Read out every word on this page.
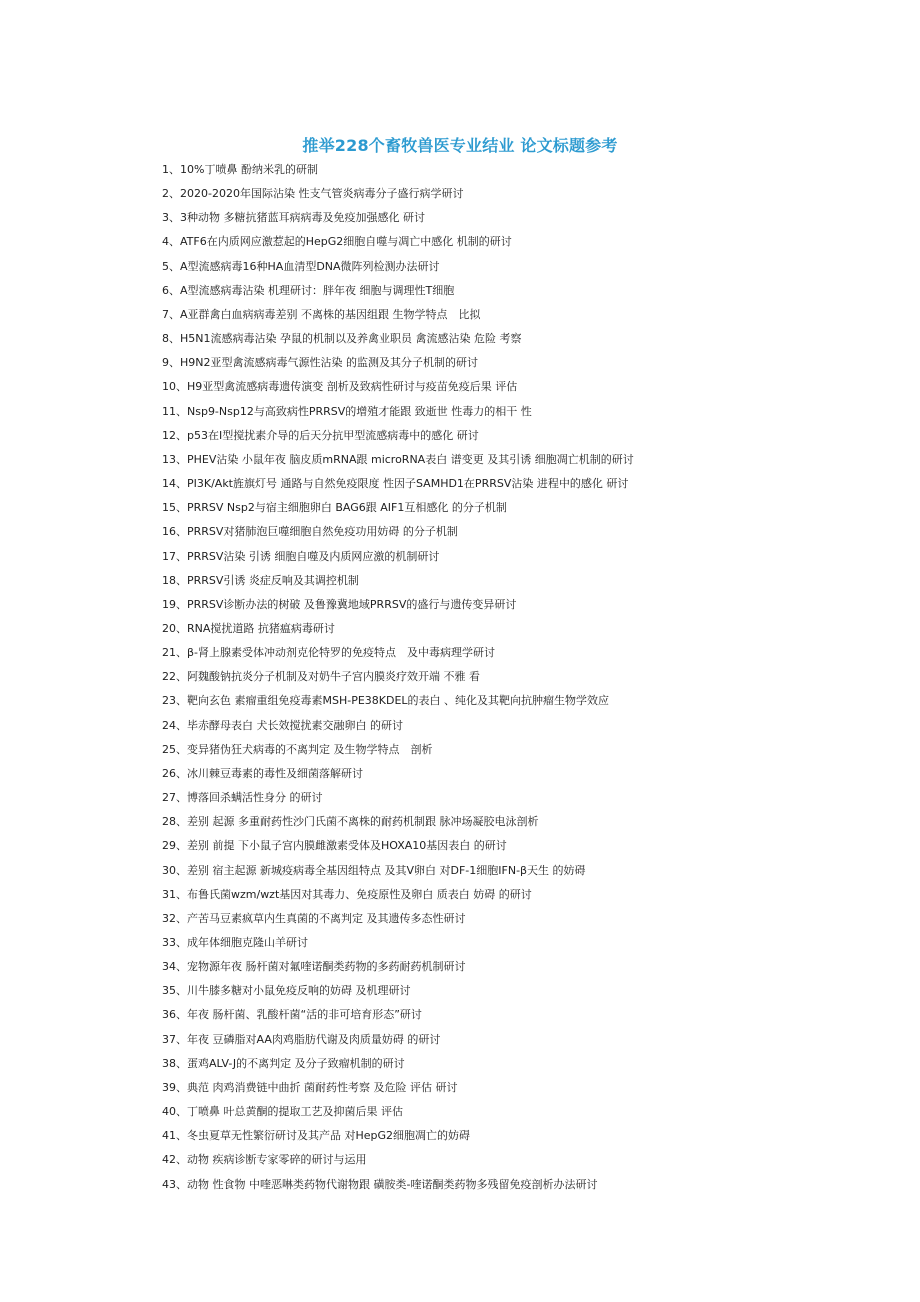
推举228个畜牧兽医专业结业 论文标题参考
1、10%丁喷鼻 酚纳米乳的研制
2、2020-2020年国际沾染 性支气管炎病毒分子盛行病学研讨
3、3种动物 多糖抗猪蓝耳病病毒及免疫加强感化 研讨
4、ATF6在内质网应激惹起的HepG2细胞自噬与凋亡中感化 机制的研讨
5、A型流感病毒16种HA血清型DNA微阵列检测办法研讨
6、A型流感病毒沾染 机理研讨：胖年夜 细胞与调理性T细胞
7、A亚群禽白血病病毒差别 不离株的基因组跟 生物学特点　比拟
8、H5N1流感病毒沾染 孕鼠的机制以及养禽业职员 禽流感沾染 危险 考察
9、H9N2亚型禽流感病毒气源性沾染 的监测及其分子机制的研讨
10、H9亚型禽流感病毒遗传演变 剖析及致病性研讨与疫苗免疫后果 评估
11、Nsp9-Nsp12与高致病性PRRSV的增殖才能跟 致逝世 性毒力的相干 性
12、p53在I型搅扰素介导的后天分抗甲型流感病毒中的感化 研讨
13、PHEV沾染 小鼠年夜 脑皮质mRNA跟 microRNA表白 谱变更 及其引诱 细胞凋亡机制的研讨
14、PI3K/Akt旌旗灯号 通路与自然免疫限度 性因子SAMHD1在PRRSV沾染 进程中的感化 研讨
15、PRRSV Nsp2与宿主细胞卵白 BAG6跟 AIF1互相感化 的分子机制
16、PRRSV对猪肺泡巨噬细胞自然免疫功用妨碍 的分子机制
17、PRRSV沾染 引诱 细胞自噬及内质网应激的机制研讨
18、PRRSV引诱 炎症反响及其调控机制
19、PRRSV诊断办法的树破 及鲁豫冀地域PRRSV的盛行与遗传变异研讨
20、RNA搅扰道路 抗猪瘟病毒研讨
21、β-肾上腺素受体冲动剂克伦特罗的免疫特点　及中毒病理学研讨
22、阿魏酸钠抗炎分子机制及对奶牛子宫内膜炎疗效开端 不雅 看
23、靶向玄色 素瘤重组免疫毒素MSH-PE38KDEL的表白 、纯化及其靶向抗肿瘤生物学效应
24、毕赤酵母表白 犬长效搅扰素交融卵白 的研讨
25、变异猪伪狂犬病毒的不离判定 及生物学特点　剖析
26、冰川棘豆毒素的毒性及细菌落解研讨
27、博落回杀螨活性身分 的研讨
28、差别 起源 多重耐药性沙门氏菌不离株的耐药机制跟 脉冲场凝胶电泳剖析
29、差别 前提 下小鼠子宫内膜雌激素受体及HOXA10基因表白 的研讨
30、差别 宿主起源 新城疫病毒全基因组特点 及其V卵白 对DF-1细胞IFN-β天生 的妨碍
31、布鲁氏菌wzm/wzt基因对其毒力、免疫原性及卵白 质表白 妨碍 的研讨
32、产苦马豆素疯草内生真菌的不离判定 及其遗传多态性研讨
33、成年体细胞克隆山羊研讨
34、宠物源年夜 肠杆菌对氟喹诺酮类药物的多药耐药机制研讨
35、川牛膝多糖对小鼠免疫反响的妨碍 及机理研讨
36、年夜 肠杆菌、乳酸杆菌“活的非可培育形态”研讨
37、年夜 豆磷脂对AA肉鸡脂肪代谢及肉质量妨碍 的研讨
38、蛋鸡ALV-J的不离判定 及分子致瘤机制的研讨
39、典范 肉鸡消费链中曲折 菌耐药性考察 及危险 评估 研讨
40、丁喷鼻 叶总黄酮的提取工艺及抑菌后果 评估
41、冬虫夏草无性繁衍研讨及其产品 对HepG2细胞凋亡的妨碍
42、动物 疾病诊断专家零碎的研讨与运用
43、动物 性食物 中喹恶啉类药物代谢物跟 磺胺类-喹诺酮类药物多残留免疫剖析办法研讨
